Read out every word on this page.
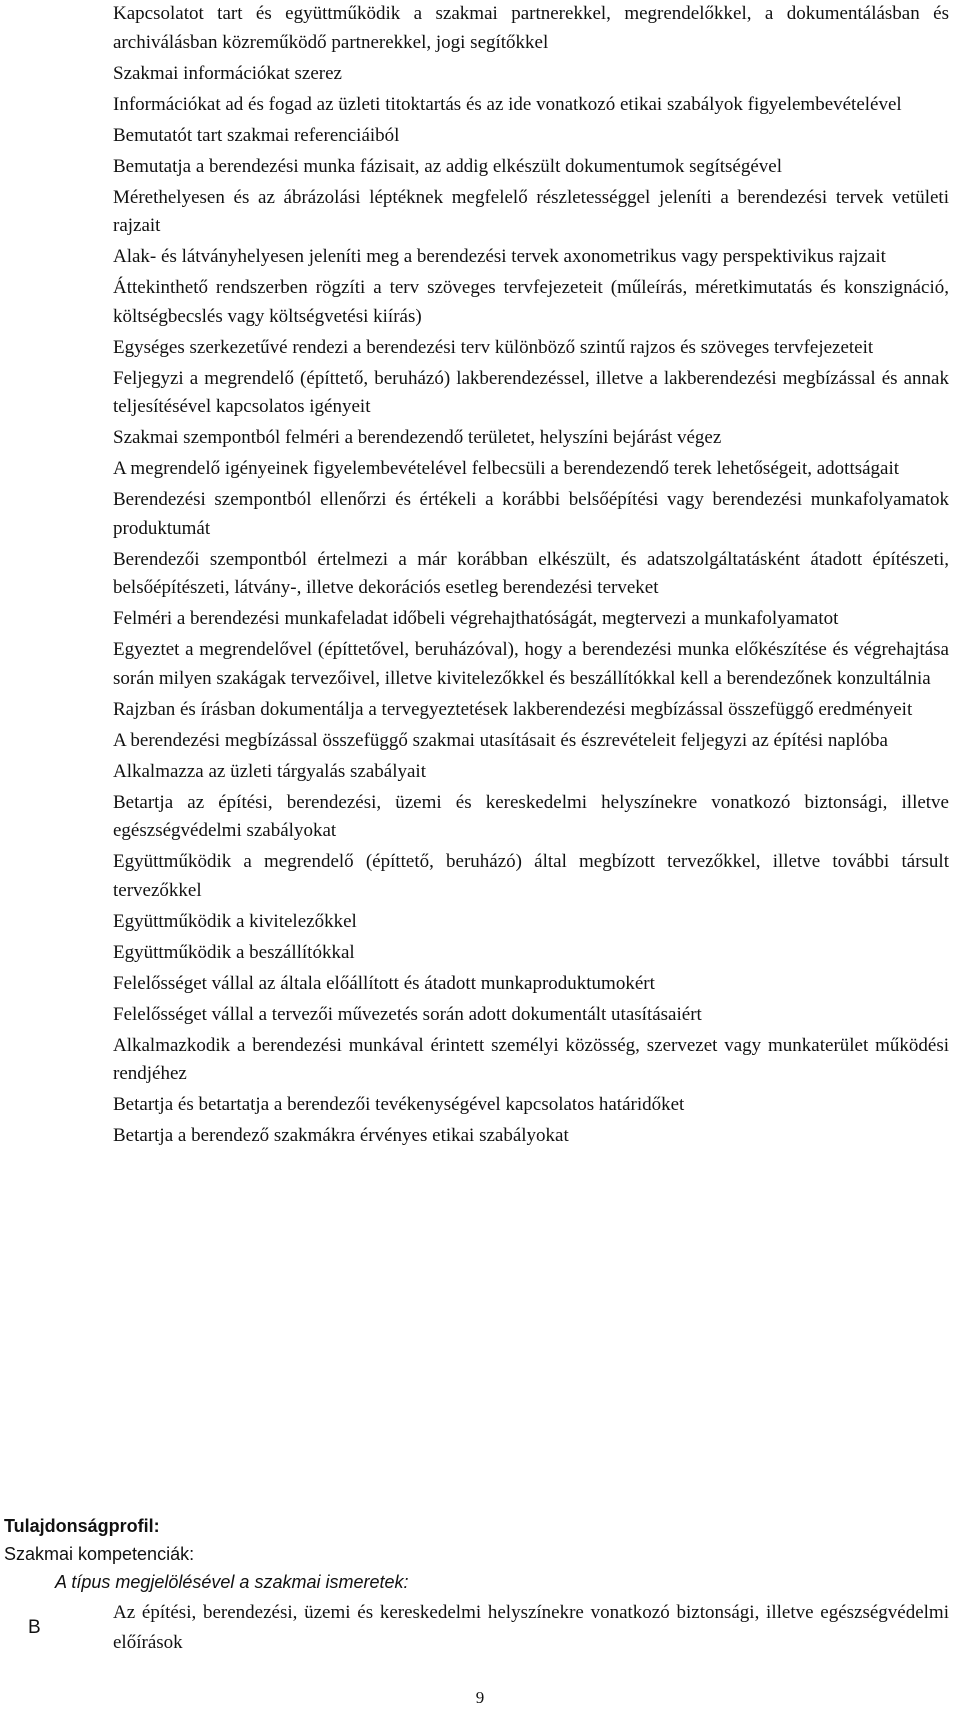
Kapcsolatot tart és együttműködik a szakmai partnerekkel, megrendelőkkel, a dokumentálásban és archiválásban közreműködő partnerekkel, jogi segítőkkel
Szakmai információkat szerez
Információkat ad és fogad az üzleti titoktartás és az ide vonatkozó etikai szabályok figyelembevételével
Bemutatót tart szakmai referenciáiból
Bemutatja a berendezési munka fázisait, az addig elkészült dokumentumok segítségével
Mérethelyesen és az ábrázolási léptéknek megfelelő részletességgel jeleníti a berendezési tervek vetületi rajzait
Alak- és látványhelyesen jeleníti meg a berendezési tervek axonometrikus vagy perspektivikus rajzait
Áttekinthető rendszerben rögzíti a terv szöveges tervfejezeteit (műleírás, méretkimutatás és konszignáció, költségbecslés vagy költségvetési kiírás)
Egységes szerkezetűvé rendezi a berendezési terv különböző szintű rajzos és szöveges tervfejezeteit
Feljegyzi a megrendelő (építtető, beruházó) lakberendezéssel, illetve a lakberendezési megbízással és annak teljesítésével kapcsolatos igényeit
Szakmai szempontból felméri a berendezendő területet, helyszíni bejárást végez
A megrendelő igényeinek figyelembevételével felbecsüli a berendezendő terek lehetőségeit, adottságait
Berendezési szempontból ellenőrzi és értékeli a korábbi belsőépítési vagy berendezési munkafolyamatok produktumát
Berendezői szempontból értelmezi a már korábban elkészült, és adatszolgáltatásként átadott építészeti, belsőépítészeti, látvány-, illetve dekorációs esetleg berendezési terveket
Felméri a berendezési munkafeladat időbeli végrehajthatóságát, megtervezi a munkafolyamatot
Egyeztet a megrendelővel (építtetővel, beruházóval), hogy a berendezési munka előkészítése és végrehajtása során milyen szakágak tervezőivel, illetve kivitelezőkkel és beszállítókkal kell a berendezőnek konzultálnia
Rajzban és írásban dokumentálja a tervegyeztetések lakberendezési megbízással összefüggő eredményeit
A berendezési megbízással összefüggő szakmai utasításait és észrevételeit feljegyzi az építési naplóba
Alkalmazza az üzleti tárgyalás szabályait
Betartja az építési, berendezési, üzemi és kereskedelmi helyszínekre vonatkozó biztonsági, illetve egészségvédelmi szabályokat
Együttműködik a megrendelő (építtető, beruházó) által megbízott tervezőkkel, illetve további társult tervezőkkel
Együttműködik a kivitelezőkkel
Együttműködik a beszállítókkal
Felelősséget vállal az általa előállított és átadott munkaproduktumokért
Felelősséget vállal a tervezői művezetés során adott dokumentált utasításaiért
Alkalmazkodik a berendezési munkával érintett személyi közösség, szervezet vagy munkaterület működési rendjéhez
Betartja és betartatja a berendezői tevékenységével kapcsolatos határidőket
Betartja a berendező szakmákra érvényes etikai szabályokat

Tulajdonságprofil:

Szakmai kompetenciák:

A típus megjelölésével a szakmai ismeretek:

B
Az építési, berendezési, üzemi és kereskedelmi helyszínekre vonatkozó biztonsági, illetve egészségvédelmi előírások
9
